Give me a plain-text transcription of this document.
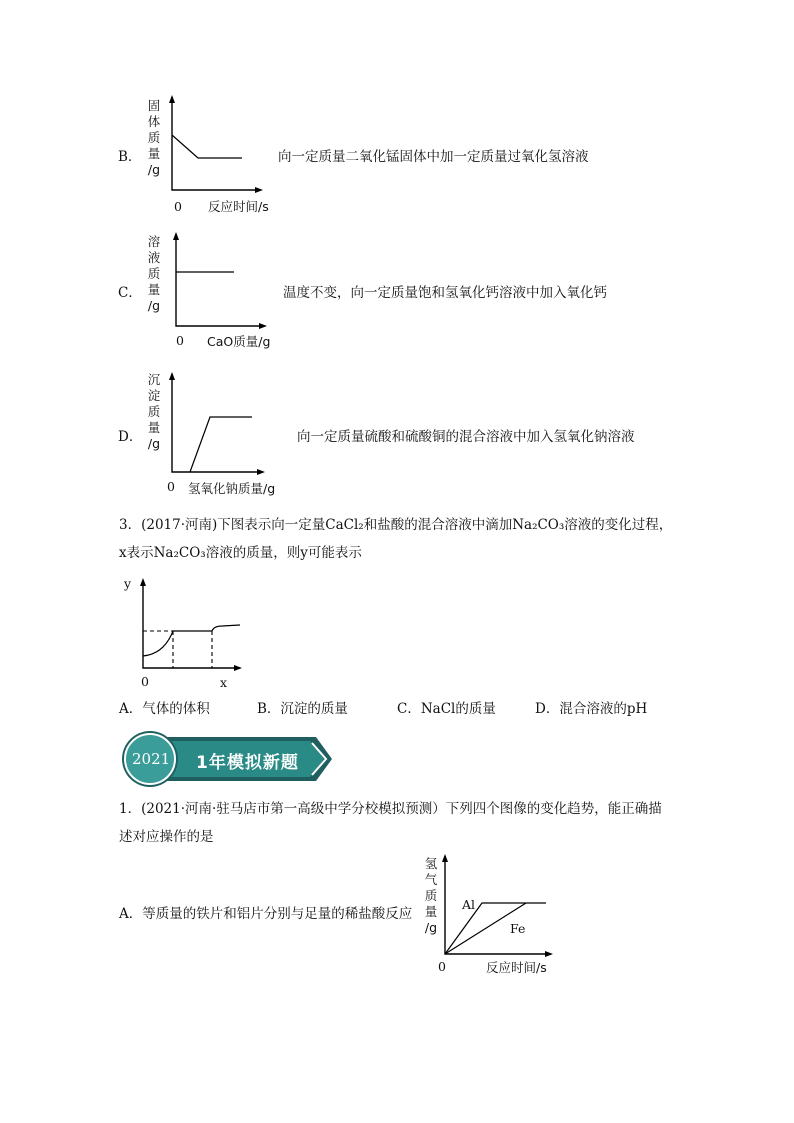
B．
固
体
质
量
/g
0 反应时间/s
向一定质量二氧化锰固体中加一定质量过氧化氢溶液
C．
溶
液
质
量
/g
0 CaO质量/g
温度不变，向一定质量饱和氢氧化钙溶液中加入氧化钙
D．
沉
淀
质
量
/g
0 氢氧化钠质量/g
向一定质量硫酸和硫酸铜的混合溶液中加入氢氧化钠溶液
3．(2017·河南)下图表示向一定量CaCl₂和盐酸的混合溶液中滴加Na₂CO₃溶液的变化过程，
x表示Na₂CO₃溶液的质量，则y可能表示
y
0	x
A．气体的体积	B．沉淀的质量	C．NaCl的质量	D．混合溶液的pH
2021 1年模拟新题
1．(2021·河南·驻马店市第一高级中学分校模拟预测）下列四个图像的变化趋势，能正确描
述对应操作的是
A．等质量的铁片和铝片分别与足量的稀盐酸反应
氢
气
质
量
/g
Al
Fe
0	反应时间/s
